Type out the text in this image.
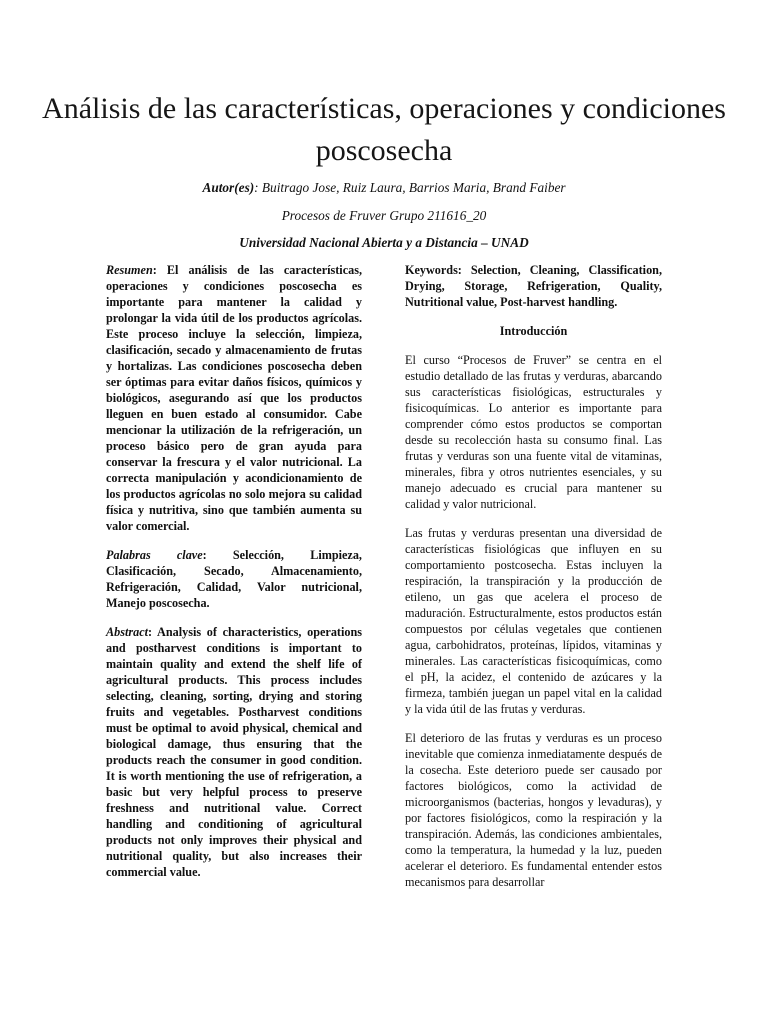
Análisis de las características, operaciones y condiciones poscosecha
Autor(es): Buitrago Jose, Ruiz Laura, Barrios Maria, Brand Faiber
Procesos de Fruver Grupo 211616_20
Universidad Nacional Abierta y a Distancia – UNAD

Resumen: El análisis de las características, operaciones y condiciones poscosecha es importante para mantener la calidad y prolongar la vida útil de los productos agrícolas. Este proceso incluye la selección, limpieza, clasificación, secado y almacenamiento de frutas y hortalizas. Las condiciones poscosecha deben ser óptimas para evitar daños físicos, químicos y biológicos, asegurando así que los productos lleguen en buen estado al consumidor. Cabe mencionar la utilización de la refrigeración, un proceso básico pero de gran ayuda para conservar la frescura y el valor nutricional. La correcta manipulación y acondicionamiento de los productos agrícolas no solo mejora su calidad física y nutritiva, sino que también aumenta su valor comercial.

Palabras clave: Selección, Limpieza, Clasificación, Secado, Almacenamiento, Refrigeración, Calidad, Valor nutricional, Manejo poscosecha.

Abstract: Analysis of characteristics, operations and postharvest conditions is important to maintain quality and extend the shelf life of agricultural products. This process includes selecting, cleaning, sorting, drying and storing fruits and vegetables. Postharvest conditions must be optimal to avoid physical, chemical and biological damage, thus ensuring that the products reach the consumer in good condition. It is worth mentioning the use of refrigeration, a basic but very helpful process to preserve freshness and nutritional value. Correct handling and conditioning of agricultural products not only improves their physical and nutritional quality, but also increases their commercial value.

Keywords: Selection, Cleaning, Classification, Drying, Storage, Refrigeration, Quality, Nutritional value, Post-harvest handling.

Introducción

El curso “Procesos de Fruver” se centra en el estudio detallado de las frutas y verduras, abarcando sus características fisiológicas, estructurales y fisicoquímicas. Lo anterior es importante para comprender cómo estos productos se comportan desde su recolección hasta su consumo final. Las frutas y verduras son una fuente vital de vitaminas, minerales, fibra y otros nutrientes esenciales, y su manejo adecuado es crucial para mantener su calidad y valor nutricional.

Las frutas y verduras presentan una diversidad de características fisiológicas que influyen en su comportamiento postcosecha. Estas incluyen la respiración, la transpiración y la producción de etileno, un gas que acelera el proceso de maduración. Estructuralmente, estos productos están compuestos por células vegetales que contienen agua, carbohidratos, proteínas, lípidos, vitaminas y minerales. Las características fisicoquímicas, como el pH, la acidez, el contenido de azúcares y la firmeza, también juegan un papel vital en la calidad y la vida útil de las frutas y verduras.

El deterioro de las frutas y verduras es un proceso inevitable que comienza inmediatamente después de la cosecha. Este deterioro puede ser causado por factores biológicos, como la actividad de microorganismos (bacterias, hongos y levaduras), y por factores fisiológicos, como la respiración y la transpiración. Además, las condiciones ambientales, como la temperatura, la humedad y la luz, pueden acelerar el deterioro. Es fundamental entender estos mecanismos para desarrollar
